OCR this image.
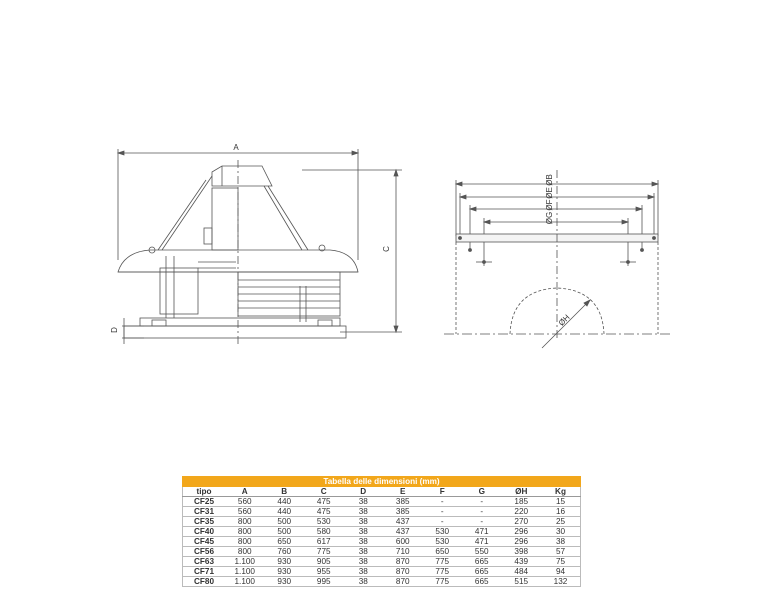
A
C
D
ØB
ØE
ØF
ØG
ØH
Tabella delle dimensioni (mm)
tipo	A	B	C	D	E	F	G	ØH	Kg
CF25	560	440	475	38	385	-	-	185	15
CF31	560	440	475	38	385	-	-	220	16
CF35	800	500	530	38	437	-	-	270	25
CF40	800	500	580	38	437	530	471	296	30
CF45	800	650	617	38	600	530	471	296	38
CF56	800	760	775	38	710	650	550	398	57
CF63	1.100	930	905	38	870	775	665	439	75
CF71	1.100	930	955	38	870	775	665	484	94
CF80	1.100	930	995	38	870	775	665	515	132
